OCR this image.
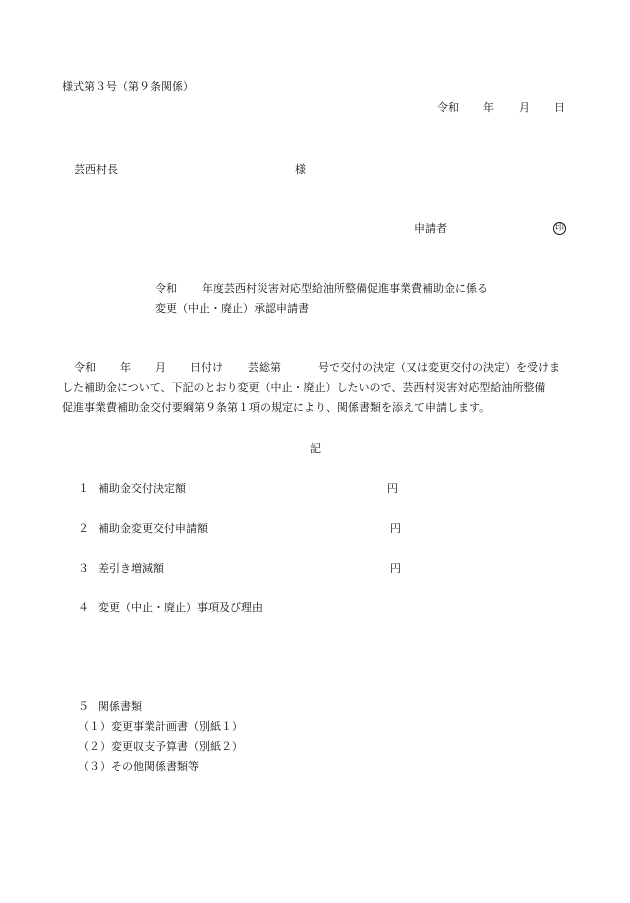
様式第３号（第９条関係）
令和 年 月 日
芸西村長	様
申請者	印
令和 年度芸西村災害対応型給油所整備促進事業費補助金に係る
変更（中止・廃止）承認申請書
令和 年 月 日付け 芸総第	号で交付の決定（又は変更交付の決定）を受けま
した補助金について、下記のとおり変更（中止・廃止）したいので、芸西村災害対応型給油所整備
促進事業費補助金交付要綱第９条第１項の規定により、関係書類を添えて申請します。
記
１ 補助金交付決定額	円
２ 補助金変更交付申請額	円
３ 差引き増減額	円
４ 変更（中止・廃止）事項及び理由
５ 関係書類
（１）変更事業計画書（別紙１）
（２）変更収支予算書（別紙２）
（３）その他関係書類等
